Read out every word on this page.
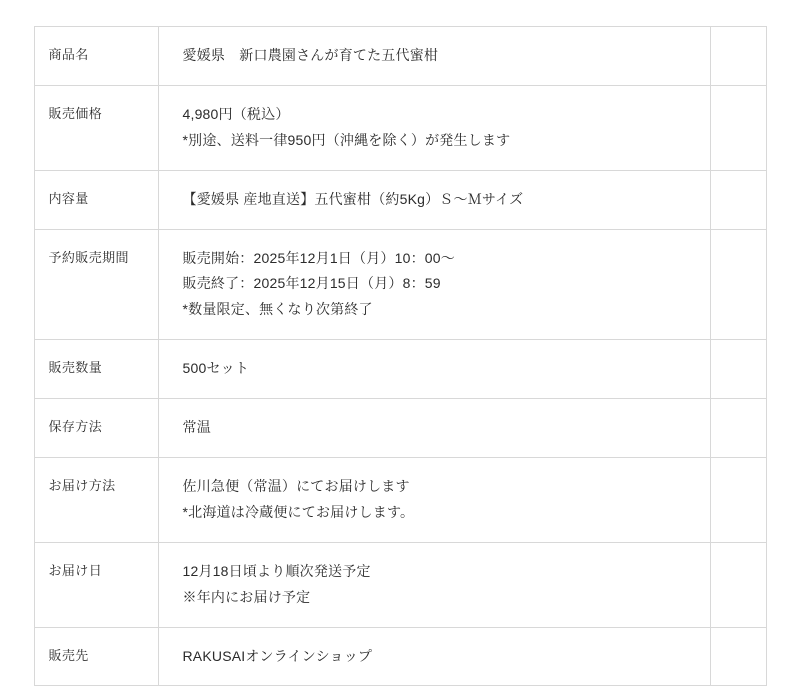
商品名	愛媛県　新口農園さんが育てた五代蜜柑	

販売価格	4,980円（税込）
*別途、送料一律950円（沖縄を除く）が発生します	

内容量	【愛媛県 産地直送】五代蜜柑（約5Kg）Ｓ〜Ｍサイズ	

予約販売期間	販売開始：2025年12月1日（月）10：00〜
販売終了：2025年12月15日（月）8：59
*数量限定、無くなり次第終了	

販売数量	500セット	

保存方法	常温	

お届け方法	佐川急便（常温）にてお届けします
*北海道は冷蔵便にてお届けします。	

お届け日	12月18日頃より順次発送予定
※年内にお届け予定	

販売先	RAKUSAIオンラインショップ	
